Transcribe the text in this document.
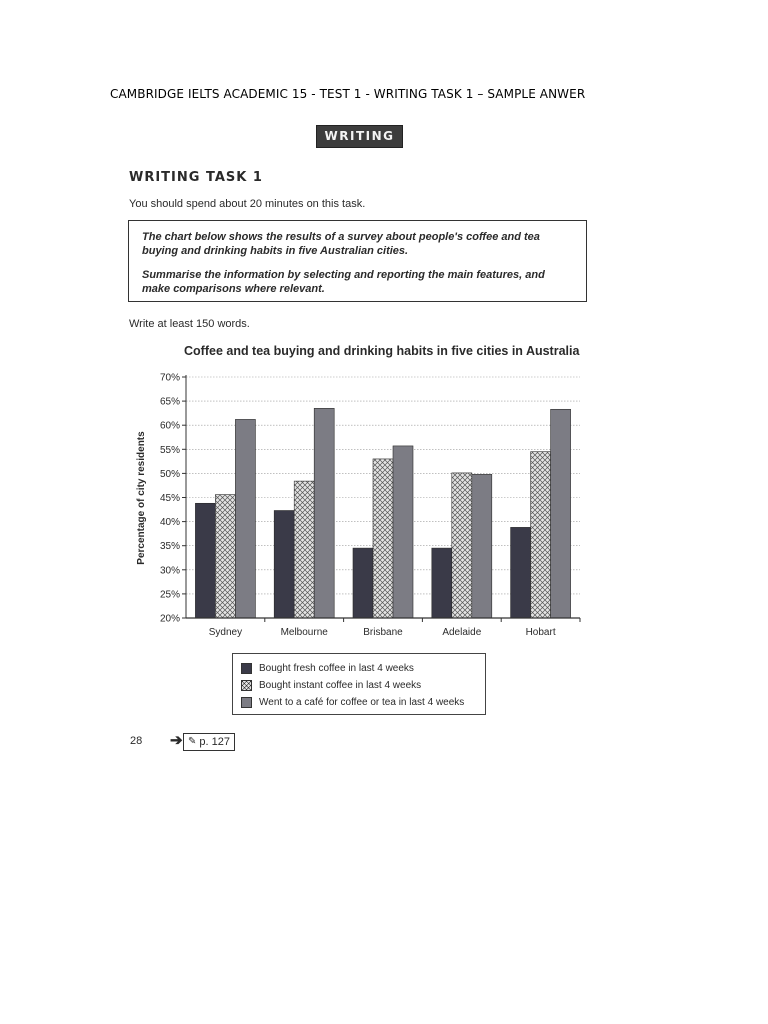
CAMBRIDGE IELTS ACADEMIC 15 - TEST 1 - WRITING TASK 1 – SAMPLE ANWER
WRITING
WRITING TASK 1
You should spend about 20 minutes on this task.

The chart below shows the results of a survey about people's coffee and tea buying and drinking habits in five Australian cities.

Summarise the information by selecting and reporting the main features, and make comparisons where relevant.

Write at least 150 words.
Coffee and tea buying and drinking habits in five cities in Australia
Percentage of city residents
20%
25%
30%
35%
40%
45%
50%
55%
60%
65%
70%
Sydney	Melbourne	Brisbane	Adelaide	Hobart
Bought fresh coffee in last 4 weeks
Bought instant coffee in last 4 weeks
Went to a café for coffee or tea in last 4 weeks
28 ➔ ✎ p. 127
